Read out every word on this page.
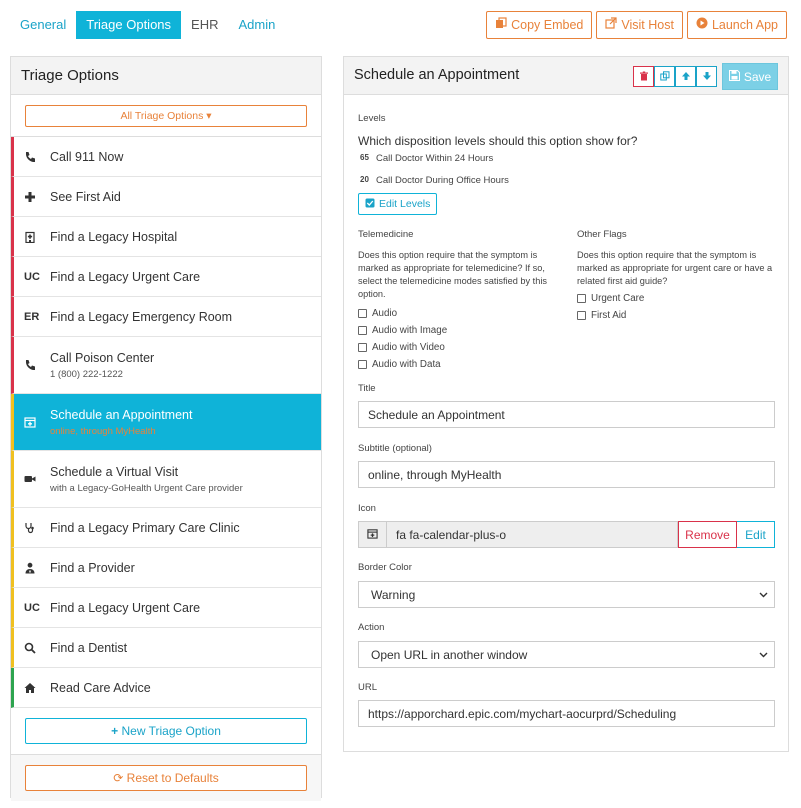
General	Triage Options	EHR	Admin	Copy Embed	Visit Host	Launch App
Triage Options
All Triage Options ▾
Call 911 Now
See First Aid
Find a Legacy Hospital
UC Find a Legacy Urgent Care
ER Find a Legacy Emergency Room
Call Poison Center
1 (800) 222-1222
Schedule an Appointment
online, through MyHealth
Schedule a Virtual Visit
with a Legacy-GoHealth Urgent Care provider
Find a Legacy Primary Care Clinic
Find a Provider
UC Find a Legacy Urgent Care
Find a Dentist
Read Care Advice
+ New Triage Option
⟳ Reset to Defaults
Schedule an Appointment	Save
Levels
Which disposition levels should this option show for?
65 Call Doctor Within 24 Hours
20 Call Doctor During Office Hours
Edit Levels
Telemedicine
Does this option require that the symptom is marked as appropriate for telemedicine? If so, select the telemedicine modes satisfied by this option.
Audio
Audio with Image
Audio with Video
Audio with Data
Other Flags
Does this option require that the symptom is marked as appropriate for urgent care or have a related first aid guide?
Urgent Care
First Aid
Title
Schedule an Appointment
Subtitle (optional)
online, through MyHealth
Icon
fa fa-calendar-plus-o	Remove	Edit
Border Color
Warning
Action
Open URL in another window
URL
https://apporchard.epic.com/mychart-aocurprd/Scheduling
